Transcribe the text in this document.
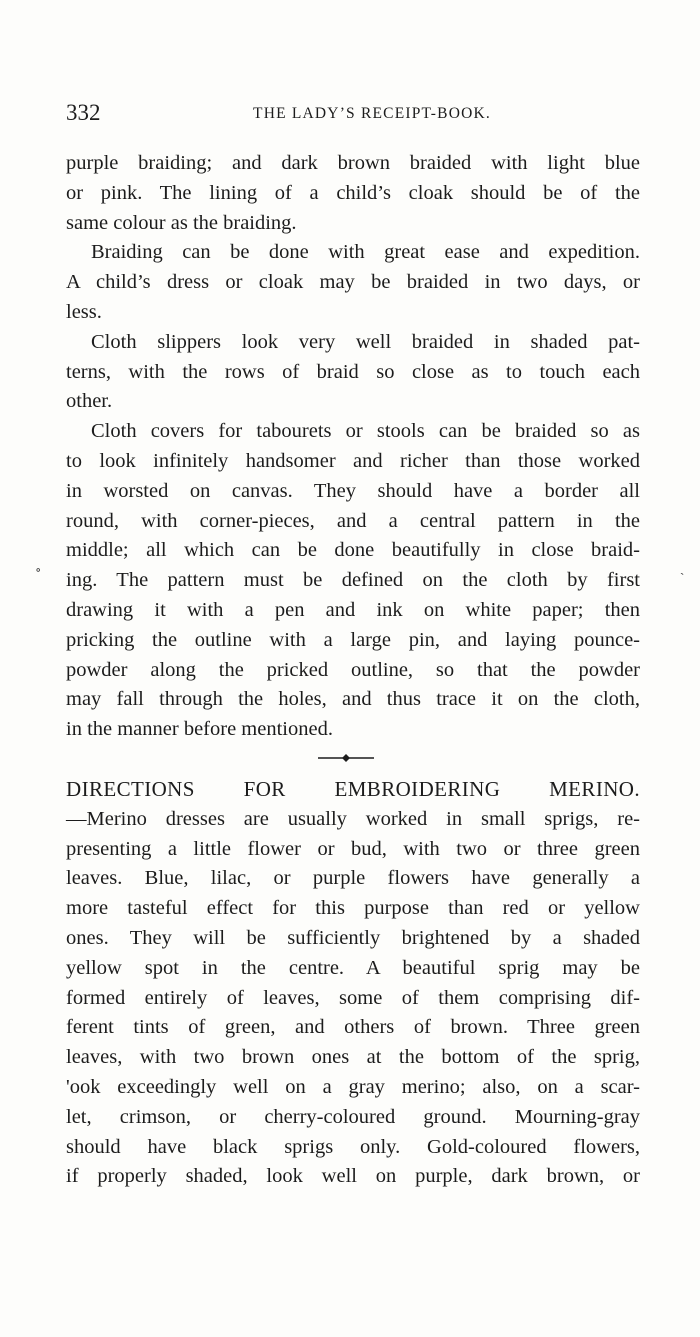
332	THE LADY’S RECEIPT-BOOK.
∘
ˋ
purple braiding; and dark brown braided with light blue
or pink. The lining of a child’s cloak should be of the
same colour as the braiding.
Braiding can be done with great ease and expedition.
A child’s dress or cloak may be braided in two days, or
less.
Cloth slippers look very well braided in shaded pat-
terns, with the rows of braid so close as to touch each
other.
Cloth covers for tabourets or stools can be braided so as
to look infinitely handsomer and richer than those worked
in worsted on canvas. They should have a border all
round, with corner-pieces, and a central pattern in the
middle; all which can be done beautifully in close braid-
ing. The pattern must be defined on the cloth by first
drawing it with a pen and ink on white paper; then
pricking the outline with a large pin, and laying pounce-
powder along the pricked outline, so that the powder
may fall through the holes, and thus trace it on the cloth,
in the manner before mentioned.
DIRECTIONS FOR EMBROIDERING MERINO.
—Merino dresses are usually worked in small sprigs, re-
presenting a little flower or bud, with two or three green
leaves. Blue, lilac, or purple flowers have generally a
more tasteful effect for this purpose than red or yellow
ones. They will be sufficiently brightened by a shaded
yellow spot in the centre. A beautiful sprig may be
formed entirely of leaves, some of them comprising dif-
ferent tints of green, and others of brown. Three green
leaves, with two brown ones at the bottom of the sprig,
'ook exceedingly well on a gray merino; also, on a scar-
let, crimson, or cherry-coloured ground. Mourning-gray
should have black sprigs only. Gold-coloured flowers,
if properly shaded, look well on purple, dark brown, or
